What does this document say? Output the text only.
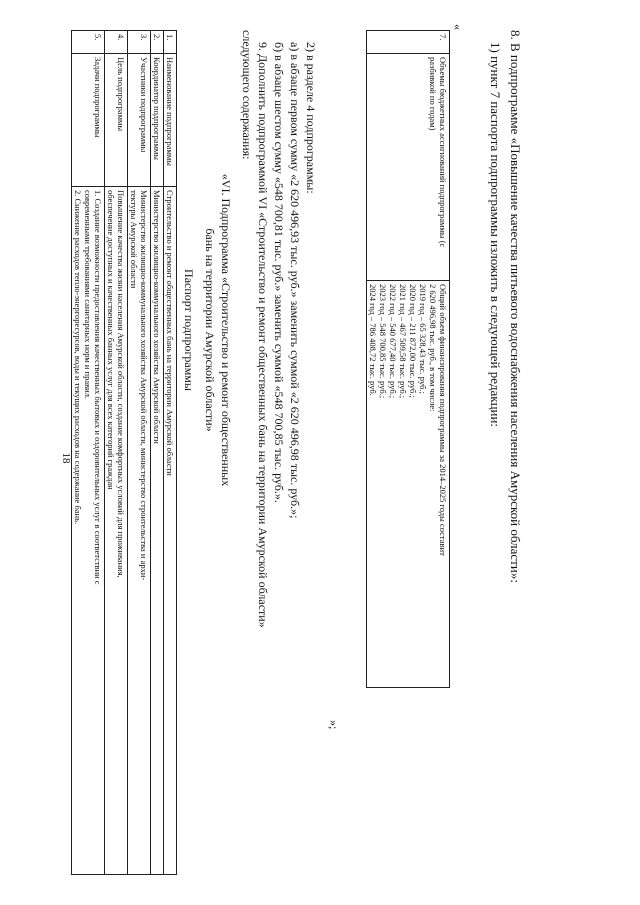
18	8. В подпрограмме «Повышение качества питьевого водоснабжения населения Амурской области»:
1) пункт 7 паспорта подпрограммы изложить в следующей редакции:
«
7.	Объемы бюджетных ассигнований подпрограммы (с разбивкой по годам)	
Общий объем финансирования подпрограммы за 2014–2025 годы составит
2 620 496,98 тыс. руб., в том числе:
2019 год – 65 328,43 тыс. руб.;
2020 год – 211 872,00 тыс. руб.;
2021 год – 467 509,58 тыс. руб.;
2022 год – 540 677,40 тыс. руб.;
2023 год – 548 700,85 тыс. руб.;
2024 год – 786 408,72 тыс. руб.
»;
2) в разделе 4 подпрограммы:
а) в абзаце первом сумму «2 620 496,93 тыс. руб.» заменить суммой «2 620 496,98 тыс. руб.»;
б) в абзаце шестом сумму «548 700,81 тыс. руб.» заменить суммой «548 700,85 тыс. руб.».
9. Дополнить подпрограммой VI «Строительство и ремонт общественных бань на территории Амурской области»
следующего содержания:
«VI. Подпрограмма «Строительство и ремонт общественных
бань на территории Амурской области»
Паспорт подпрограммы
1.	Наименование подпрограммы	Строительство и ремонт общественных бань на территории Амурской области

2.	Координатор подпрограммы	Министерство жилищно-коммунального хозяйства Амурской области

3.	Участники подпрограммы	Министерство жилищно-коммунального хозяйства Амурской области, министерство строительства и архи-
тектуры Амурской области

4.	Цель подпрограммы	Повышение качества жизни населения Амурской области, создание комфортных условий для проживания,
обеспечение доступных и качественных банных услуг для всех категорий граждан

5.	Задачи подпрограммы	1. Создание возможности предоставления качественных бытовых и оздоровительных услуг в соответствии с
современными требованиями санитарных норм и правил.
2. Снижение расходов тепло-энергоресурсов, воды и текущих расходов на содержание бань.
